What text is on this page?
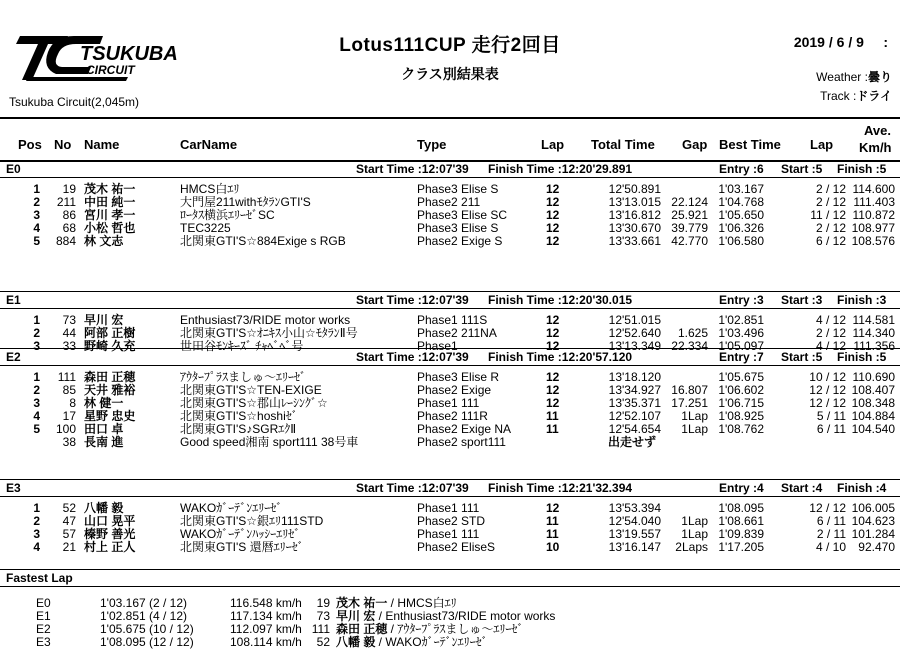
TSUKUBA
CIRCUIT
Tsukuba Circuit(2,045m)
Lotus111CUP 走行2回目
クラス別結果表
2019 / 6 / 9     :
Weather :曇り
Track :ドライ
Pos No Name	CarName	Type	Lap Total Time Gap Best Time Lap
Ave.
Km/h
E0	Start Time :12:07'39 Finish Time :12:20'29.891	Entry :6 Start :5 Finish :5
1	19 茂木 祐一	HMCS白ｴﾘ	Phase3 Elise S	12	12'50.891	1'03.167	2 / 12 114.600
2	211 中田 純一	大門屋211withﾓﾀﾗﾝGTI'S	Phase2 211	12	13'13.015 22.124 1'04.768	2 / 12 111.403
3	86 宮川 孝一	ﾛｰﾀｽ横浜ｴﾘｰｾﾞSC	Phase3 Elise SC	12	13'16.812 25.921 1'05.650	11 / 12 110.872
4	68 小松 哲也	TEC3225	Phase3 Elise S	12	13'30.670 39.779 1'06.326	2 / 12 108.977
5	884 林 文志	北関東GTI'S☆884Exige s RGB	Phase2 Exige S	12	13'33.661 42.770 1'06.580	6 / 12 108.576
E1	Start Time :12:07'39 Finish Time :12:20'30.015	Entry :3 Start :3 Finish :3
1	73 早川 宏	Enthusiast73/RIDE motor works	Phase1 111S	12	12'51.015	1'02.851	4 / 12 114.581
2	44 阿部 正樹	北関東GTI'S☆ｵﾆｷｽ小山☆ﾓﾀﾗﾝⅡ号	Phase2 211NA	12	12'52.640	1.625 1'03.496	2 / 12 114.340
3	33 野崎 久充	世田谷ﾓﾝｷｰｽﾞ ﾁｬﾍﾞﾍﾞ号	Phase1	12	13'13.349 22.334 1'05.097	4 / 12 111.356
E2	Start Time :12:07'39 Finish Time :12:20'57.120	Entry :7 Start :5 Finish :5
1	111 森田 正穂	ｱｳﾀｰﾌﾟﾗｽましゅ～ｴﾘｰｾﾞ	Phase3 Elise R	12	13'18.120	1'05.675	10 / 12 110.690
2	85 天井 雅裕	北関東GTI'S☆TEN-EXIGE	Phase2 Exige	12	13'34.927 16.807 1'06.602	12 / 12 108.407
3	8 林 健一	北関東GTI'S☆郡山ﾚｰｼﾝｸﾞ☆	Phase1 111	12	13'35.371 17.251 1'06.715	12 / 12 108.348
4	17 星野 忠史	北関東GTI'S☆hoshiｾﾞ	Phase2 111R	11	12'52.107	1Lap 1'08.925	5 / 11 104.884
5	100 田口 卓	北関東GTI'S♪SGRｴｸⅡ	Phase2 Exige NA	11	12'54.654	1Lap 1'08.762	6 / 11 104.540
38 長南 進	Good speed湘南 sport111 38号車	Phase2 sport111	出走せず
E3	Start Time :12:07'39 Finish Time :12:21'32.394	Entry :4 Start :4 Finish :4
1	52 八幡 毅	WAKOｶﾞｰﾃﾞﾝｴﾘｰｾﾞ	Phase1 111	12	13'53.394	1'08.095	12 / 12 106.005
2	47 山口 晃平	北関東GTI'S☆銀ｴﾘ111STD	Phase2 STD	11	12'54.040	1Lap 1'08.661	6 / 11 104.623
3	57 榛野 善光	WAKOｶﾞｰﾃﾞﾝﾊｯｼｰｴﾘｾﾞ	Phase1 111	11	13'19.557	1Lap 1'09.839	2 / 11 101.284
4	21 村上 正人	北関東GTI'S 還暦ｴﾘｰｾﾞ	Phase2 EliseS	10	13'16.147	2Laps 1'17.205	4 / 10	92.470
Fastest Lap
E0	1'03.167 (2 / 12)	116.548 km/h	19 茂木 祐一 / HMCS白ｴﾘ
E1	1'02.851 (4 / 12)	117.134 km/h	73 早川 宏 / Enthusiast73/RIDE motor works
E2	1'05.675 (10 / 12)	112.097 km/h 111 森田 正穂 / ｱｳﾀｰﾌﾟﾗｽましゅ～ｴﾘｰｾﾞ
E3	1'08.095 (12 / 12)	108.114 km/h	52 八幡 毅 / WAKOｶﾞｰﾃﾞﾝｴﾘｰｾﾞ
